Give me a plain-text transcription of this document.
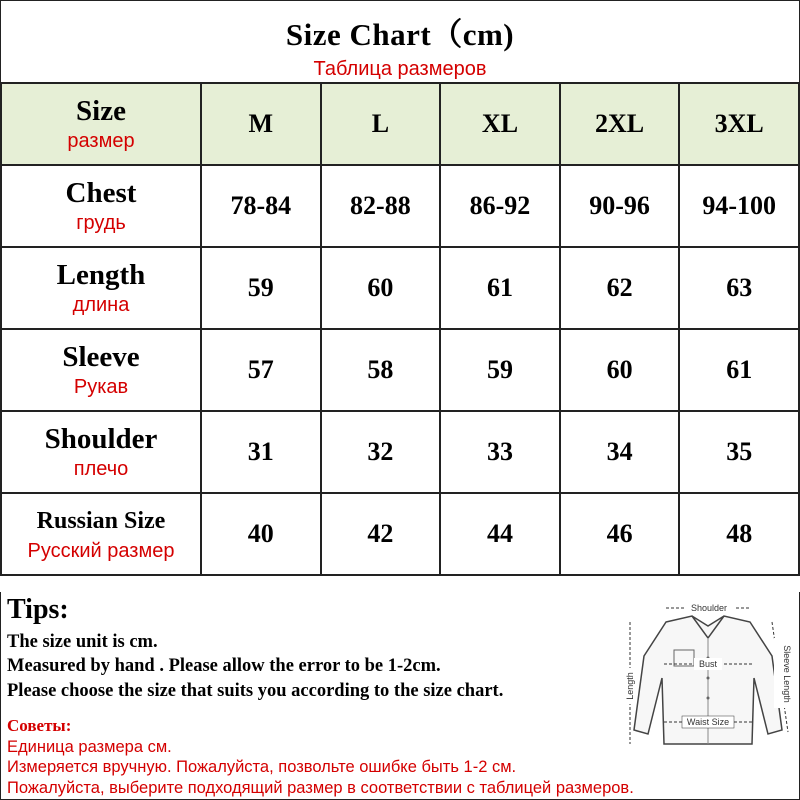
Size Chart（cm)
Таблица размеров
Size
размер	M	L	XL	2XL	3XL

Chest
грудь	78-84	82-88	86-92	90-96	94-100

Length
длина	59	60	61	62	63

Sleeve
Рукав	57	58	59	60	61

Shoulder
плечо	31	32	33	34	35

Russian Size
Русский размер	40	42	44	46	48
Tips:
The size unit is cm.
Measured by hand . Please allow the error to be 1-2cm.
Please choose the size that suits you according to the size chart.
Советы:
Единица размера см.
Измеряется вручную. Пожалуйста, позвольте ошибке быть 1-2 см.
Пожалуйста, выберите подходящий размер в соответствии с таблицей размеров.
Shoulder
Bust
Waist Size
Length	Sleeve Length
